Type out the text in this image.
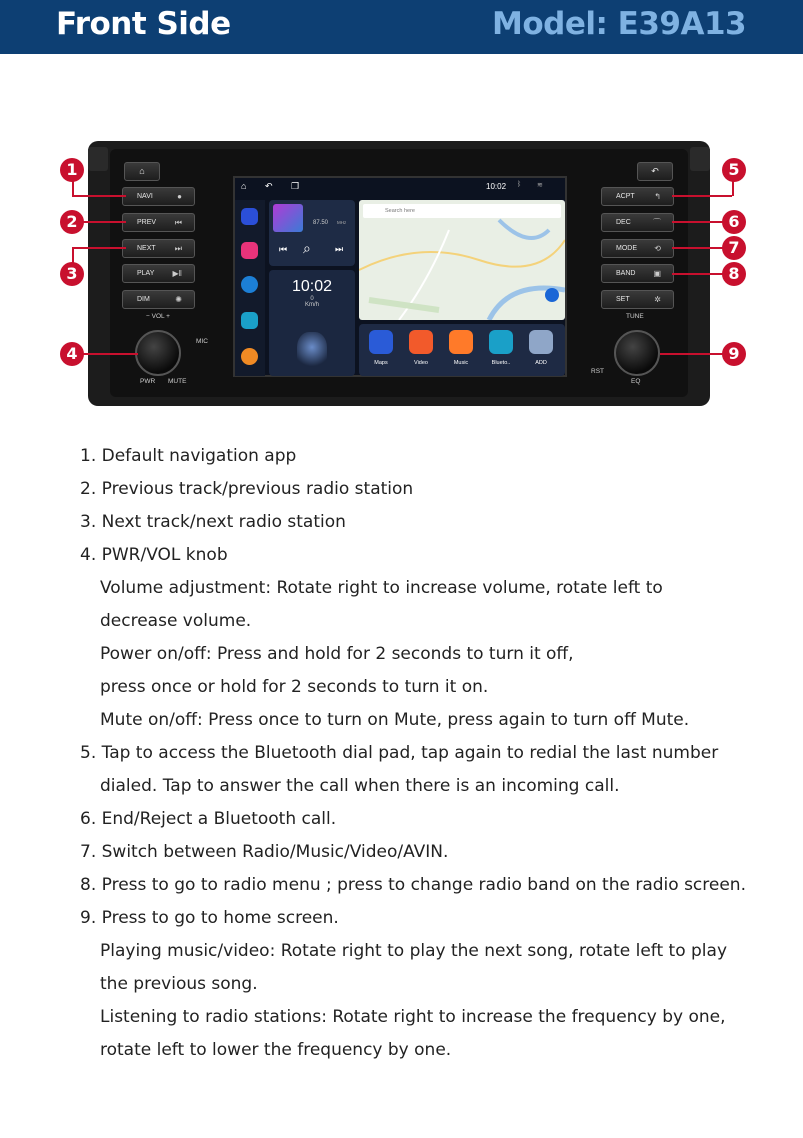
Front Side	Model: E39A13
⌂	↶
NAVI	●
PREV ⏮
NEXT ⏭
PLAY ▶‖
DIM	✺
ACPT ↰
DEC	⌒
MODE ⟲
BAND ▣
SET	✲
− VOL +
PWR MUTE
MIC
TUNE
EQ
RST
⌂ ↶ ❐	10:02 ᛒ ≋
87.50 MHz
⏮ ⌕	⏭
10:02
0
Km/h
Search here
Maps	Video	Music	Blueto..	ADD
1
2
3
4
5
6
7
8
9
1. Default navigation app
2. Previous track/previous radio station
3. Next track/next radio station
4. PWR/VOL knob
Volume adjustment: Rotate right to increase volume, rotate left to
decrease volume.
Power on/off: Press and hold for 2 seconds to turn it off,
press once or hold for 2 seconds to turn it on.
Mute on/off: Press once to turn on Mute, press again to turn off Mute.
5. Tap to access the Bluetooth dial pad, tap again to redial the last number
dialed. Tap to answer the call when there is an incoming call.
6. End/Reject a Bluetooth call.
7. Switch between Radio/Music/Video/AVIN.
8. Press to go to radio menu ; press to change radio band on the radio screen.
9. Press to go to home screen.
Playing music/video: Rotate right to play the next song, rotate left to play
the previous song.
Listening to radio stations: Rotate right to increase the frequency by one,
rotate left to lower the frequency by one.
